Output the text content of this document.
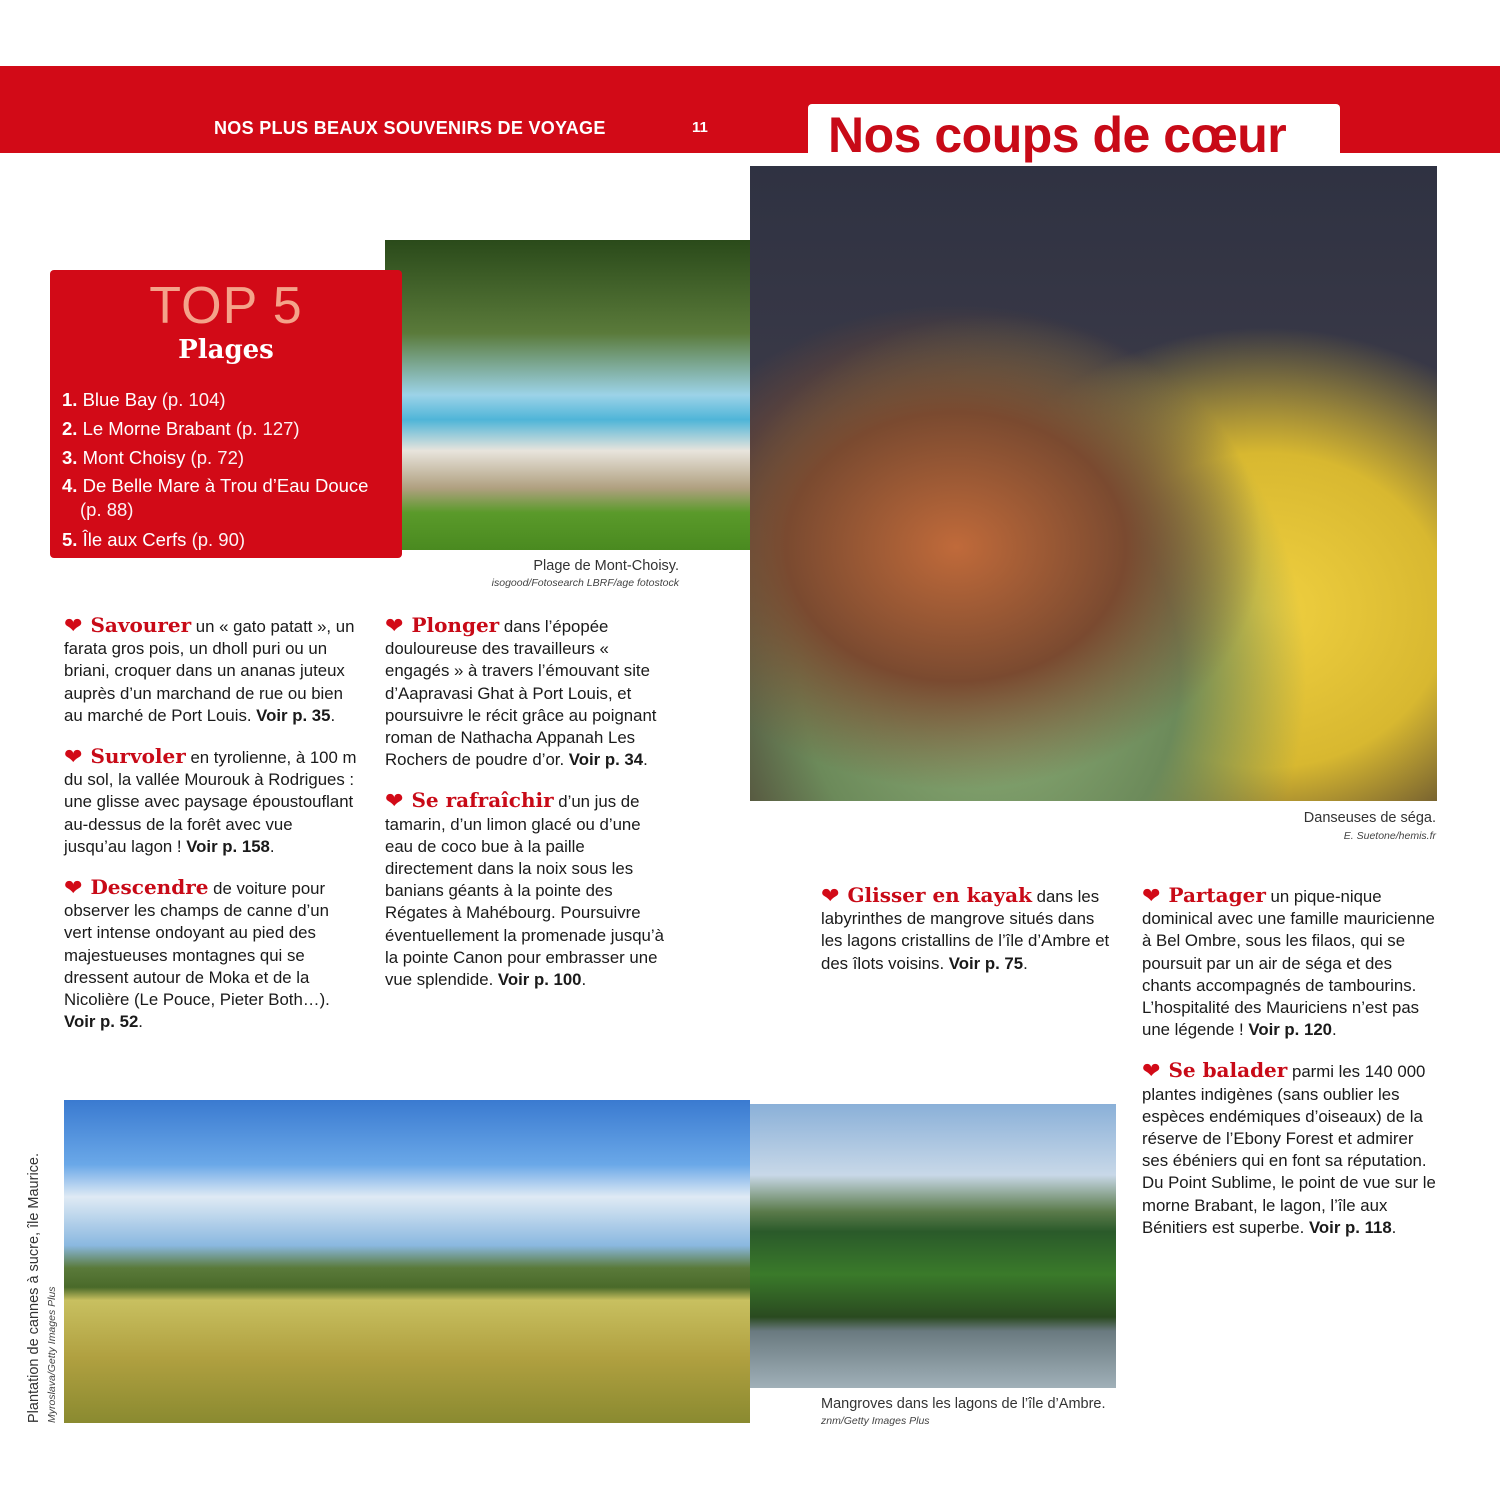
NOS PLUS BEAUX SOUVENIRS DE VOYAGE	11 Nos coups de cœur
Plage de Mont-Choisy.
isogood/Fotosearch LBRF/age fotostock
TOP 5
Plages
1. Blue Bay (p. 104)
2. Le Morne Brabant (p. 127)
3. Mont Choisy (p. 72)
4. De Belle Mare à Trou d’Eau Douce
(p. 88)
5. Île aux Cerfs (p. 90)
Danseuses de séga.
E. Suetone/hemis.fr

❤ Savourer un « gato patatt », un farata gros pois, un dholl puri ou un briani, croquer dans un ananas juteux auprès d’un marchand de rue ou bien au marché de Port Louis. Voir p. 35.

❤ Survoler en tyrolienne, à 100 m du sol, la vallée Mourouk à Rodrigues : une glisse avec paysage époustouflant au-dessus de la forêt avec vue jusqu’au lagon ! Voir p. 158.

❤ Descendre de voiture pour observer les champs de canne d’un vert intense ondoyant au pied des majestueuses montagnes qui se dressent autour de Moka et de la Nicolière (Le Pouce, Pieter Both…). Voir p. 52.

❤ Plonger dans l’épopée douloureuse des travailleurs « engagés » à travers l’émouvant site d’Aapravasi Ghat à Port Louis, et poursuivre le récit grâce au poignant roman de Nathacha Appanah Les Rochers de poudre d’or. Voir p. 34.

❤ Se rafraîchir d’un jus de tamarin, d’un limon glacé ou d’une eau de coco bue à la paille directement dans la noix sous les banians géants à la pointe des Régates à Mahébourg. Poursuivre éventuellement la promenade jusqu’à la pointe Canon pour embrasser une vue splendide. Voir p. 100.

❤ Glisser en kayak dans les labyrinthes de mangrove situés dans les lagons cristallins de l’île d’Ambre et des îlots voisins. Voir p. 75.

❤ Partager un pique-nique dominical avec une famille mauricienne à Bel Ombre, sous les filaos, qui se poursuit par un air de séga et des chants accompagnés de tambourins. L’hospitalité des Mauriciens n’est pas une légende ! Voir p. 120.

❤ Se balader parmi les 140 000 plantes indigènes (sans oublier les espèces endémiques d’oiseaux) de la réserve de l’Ebony Forest et admirer ses ébéniers qui en font sa réputation. Du Point Sublime, le point de vue sur le morne Brabant, le lagon, l’île aux Bénitiers est superbe. Voir p. 118.

Plantation de cannes à sucre, île Maurice. Myroslava/Getty Images Plus	Mangroves dans les lagons de l’île d’Ambre.
znm/Getty Images Plus
